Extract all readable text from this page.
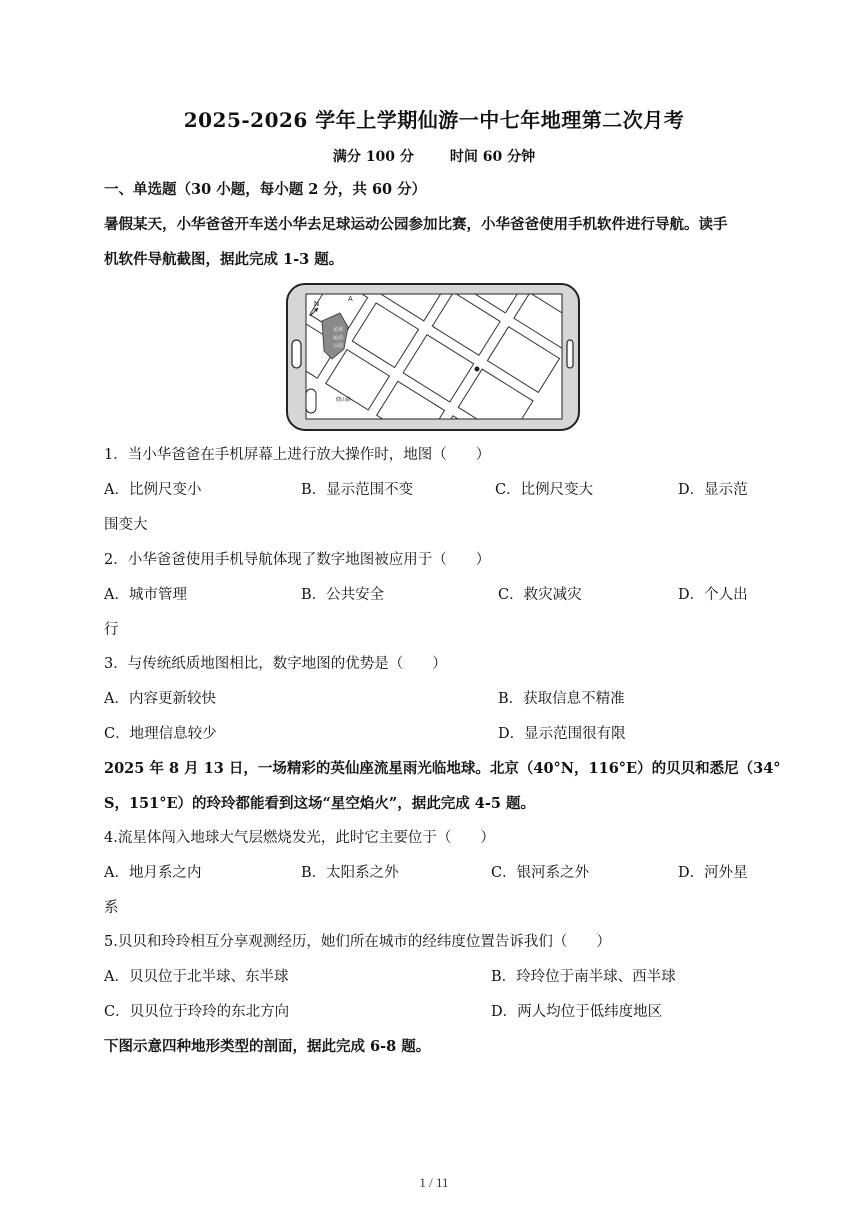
2025-2026 学年上学期仙游一中七年地理第二次月考
满分 100 分	时间 60 分钟
一、单选题（30 小题，每小题 2 分，共 60 分）
暑假某天，小华爸爸开车送小华去足球运动公园参加比赛，小华爸爸使用手机软件进行导航。读手
机软件导航截图，据此完成 1-3 题。
N
A
足球
运动
公园
健山路
1．当小华爸爸在手机屏幕上进行放大操作时，地图（　　）
A．比例尺变小	B．显示范围不变	C．比例尺变大	D．显示范
围变大
2．小华爸爸使用手机导航体现了数字地图被应用于（　　）
A．城市管理	B．公共安全	C．救灾减灾	D．个人出
行
3．与传统纸质地图相比，数字地图的优势是（　　）
A．内容更新较快	B．获取信息不精准
C．地理信息较少	D．显示范围很有限
2025 年 8 月 13 日，一场精彩的英仙座流星雨光临地球。北京（40°N，116°E）的贝贝和悉尼（34°
S，151°E）的玲玲都能看到这场“星空焰火”，据此完成 4-5 题。
4.流星体闯入地球大气层燃烧发光，此时它主要位于（　　）
A．地月系之内	B．太阳系之外	C．银河系之外	D．河外星
系
5.贝贝和玲玲相互分享观测经历，她们所在城市的经纬度位置告诉我们（　　）
A．贝贝位于北半球、东半球	B．玲玲位于南半球、西半球
C．贝贝位于玲玲的东北方向	D．两人均位于低纬度地区
下图示意四种地形类型的剖面，据此完成 6-8 题。
1 / 11
